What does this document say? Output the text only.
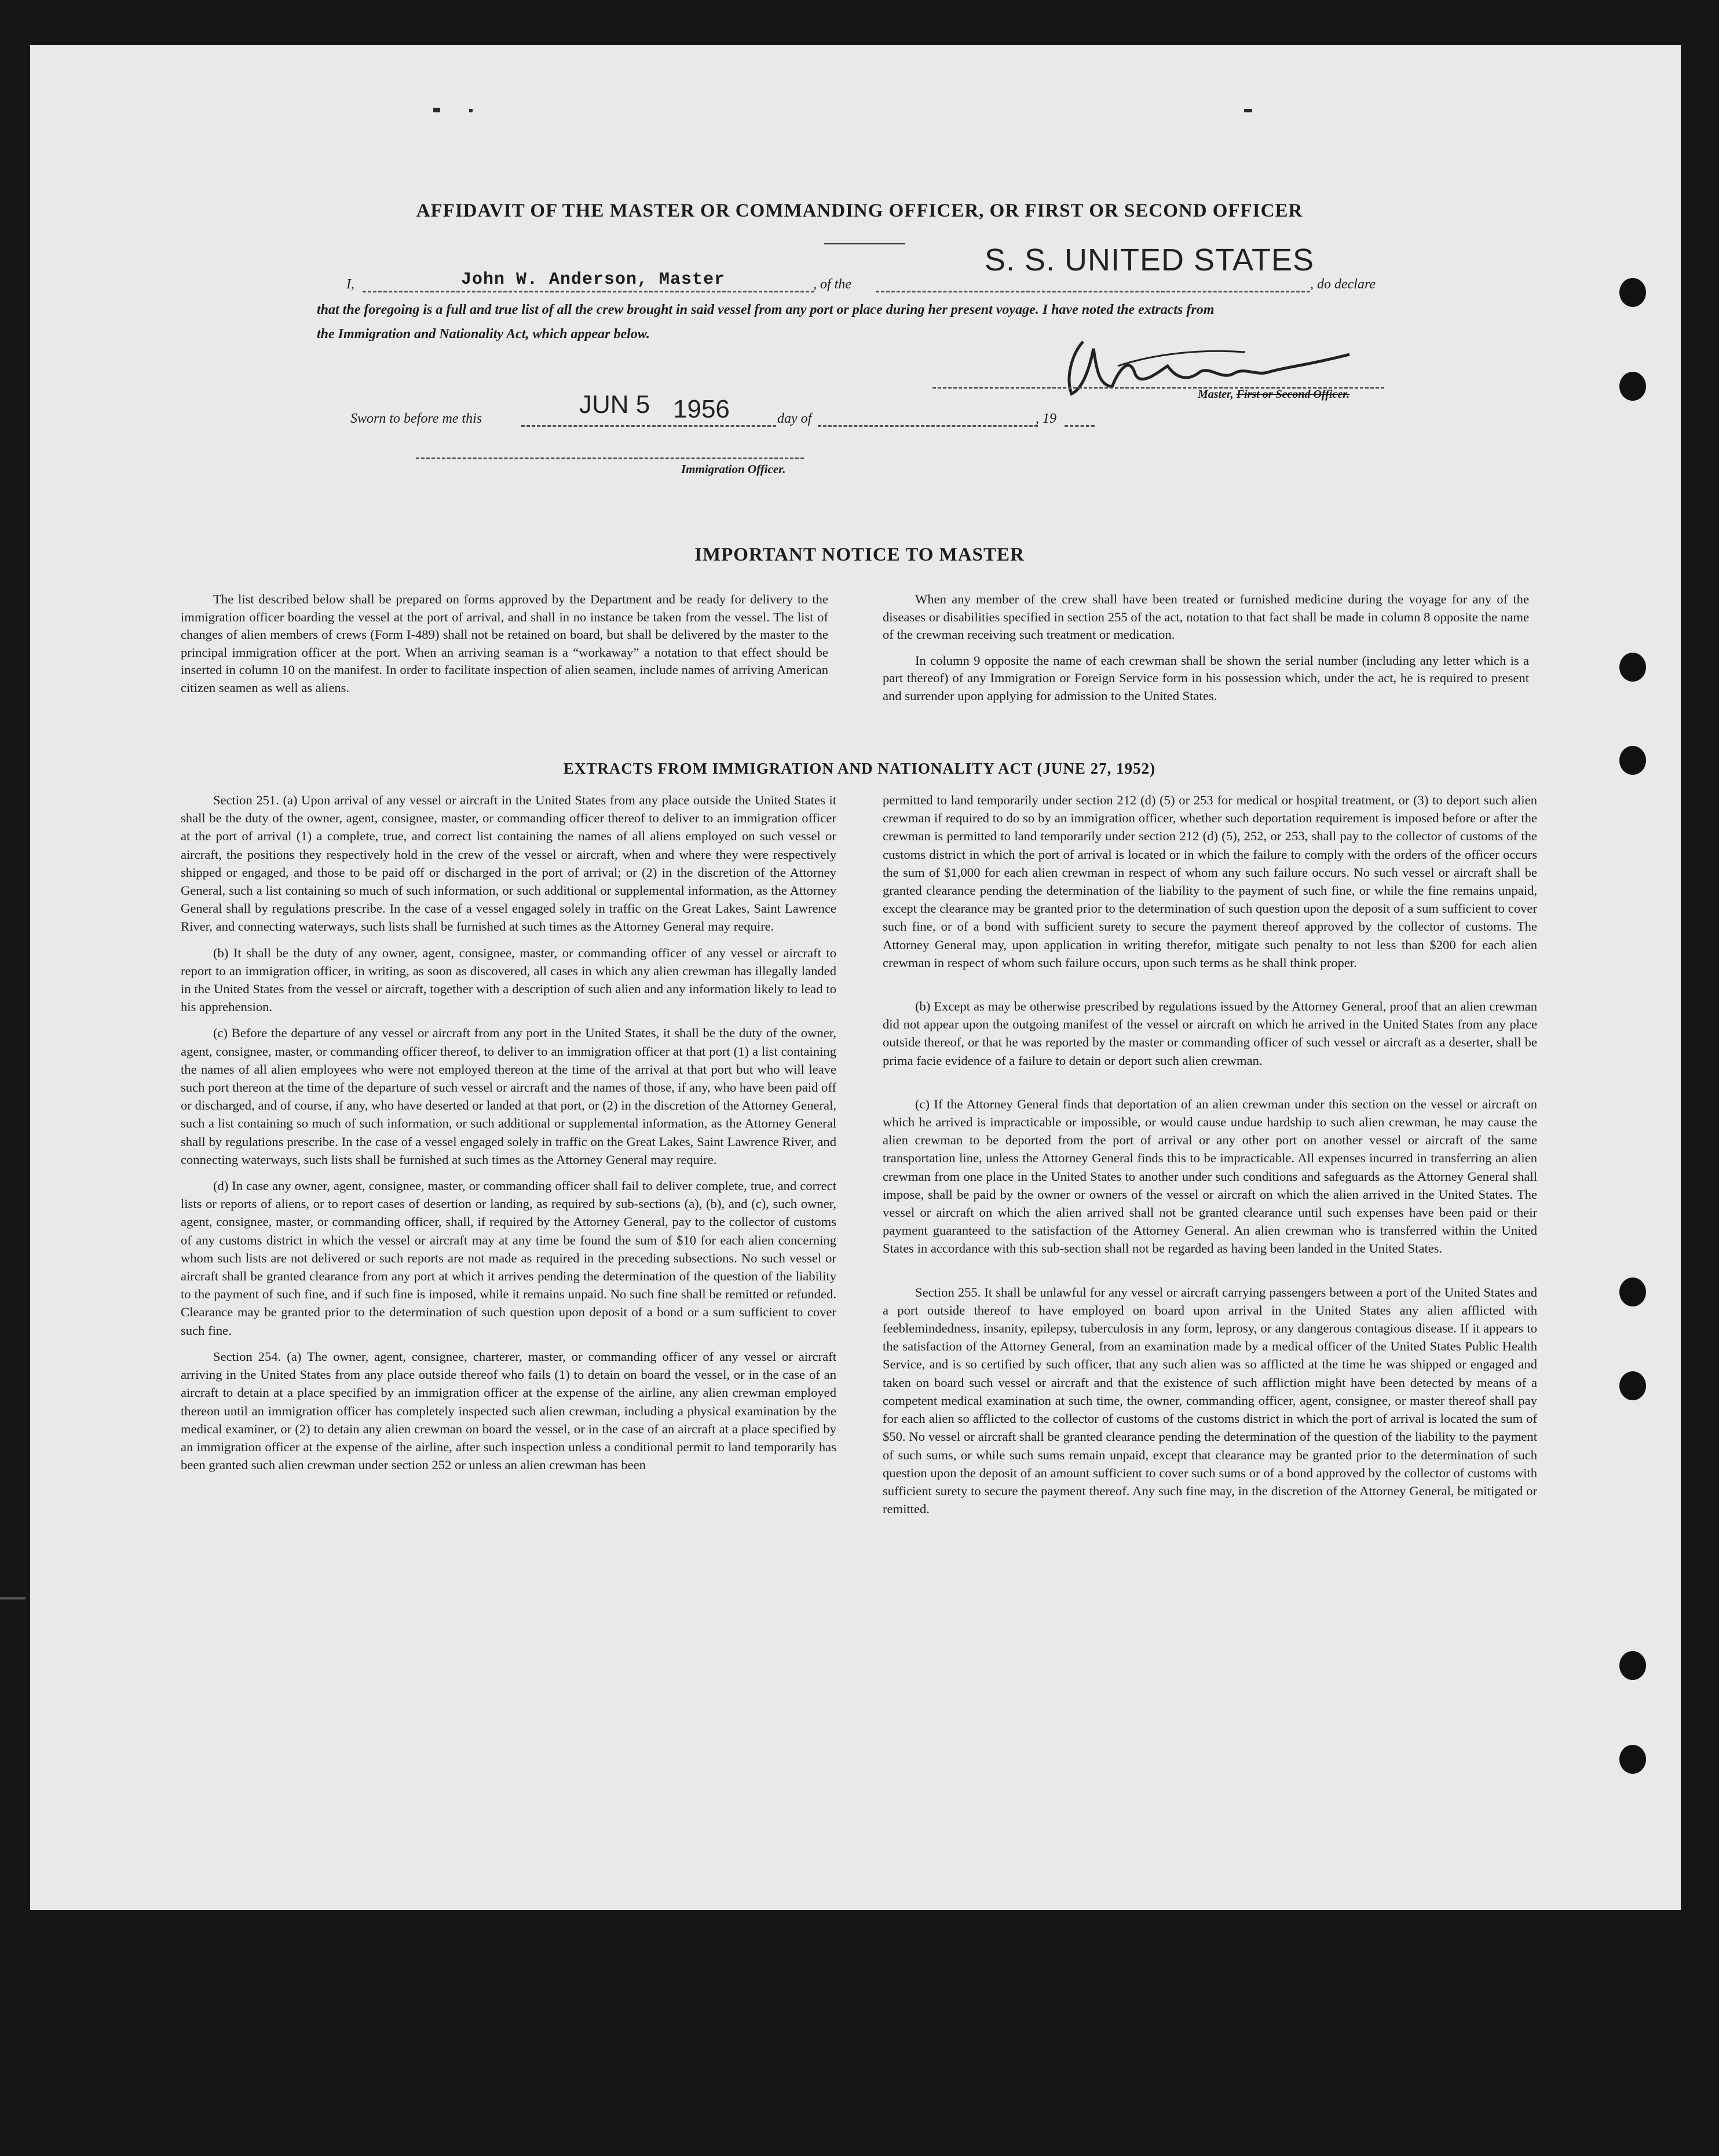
AFFIDAVIT OF THE MASTER OR COMMANDING OFFICER, OR FIRST OR SECOND OFFICER
I,	John W. Anderson, Master	, of the
S. S. UNITED STATES
, do declare
that the foregoing is a full and true list of all the crew brought in said vessel from any port or place during her present voyage. I have noted the extracts from
the Immigration and Nationality Act, which appear below.
Master, First or Second Officer.
Sworn to before me this	JUN 5 1956	day of	, 19
Immigration Officer.
IMPORTANT NOTICE TO MASTER

The list described below shall be prepared on forms approved by the Department and be ready for delivery to the immigration officer boarding the vessel at the port of arrival, and shall in no instance be taken from the vessel. The list of changes of alien members of crews (Form I-489) shall not be retained on board, but shall be delivered by the master to the principal immigration officer at the port. When an arriving seaman is a “workaway” a notation to that effect should be inserted in column 10 on the manifest. In order to facilitate inspection of alien seamen, include names of arriving American citizen seamen as well as aliens.

When any member of the crew shall have been treated or furnished medicine during the voyage for any of the diseases or disabilities specified in section 255 of the act, notation to that fact shall be made in column 8 opposite the name of the crewman receiving such treatment or medication.

In column 9 opposite the name of each crewman shall be shown the serial number (including any letter which is a part thereof) of any Immigration or Foreign Service form in his possession which, under the act, he is required to present and surrender upon applying for admission to the United States.

EXTRACTS FROM IMMIGRATION AND NATIONALITY ACT (JUNE 27, 1952)

Section 251. (a) Upon arrival of any vessel or aircraft in the United States from any place outside the United States it shall be the duty of the owner, agent, consignee, master, or commanding officer thereof to deliver to an immigration officer at the port of arrival (1) a complete, true, and correct list containing the names of all aliens employed on such vessel or aircraft, the positions they respectively hold in the crew of the vessel or aircraft, when and where they were respectively shipped or engaged, and those to be paid off or discharged in the port of arrival; or (2) in the discretion of the Attorney General, such a list containing so much of such information, or such additional or supplemental information, as the Attorney General shall by regulations prescribe. In the case of a vessel engaged solely in traffic on the Great Lakes, Saint Lawrence River, and connecting waterways, such lists shall be furnished at such times as the Attorney General may require.

(b) It shall be the duty of any owner, agent, consignee, master, or commanding officer of any vessel or aircraft to report to an immigration officer, in writing, as soon as discovered, all cases in which any alien crewman has illegally landed in the United States from the vessel or aircraft, together with a description of such alien and any information likely to lead to his apprehension.

(c) Before the departure of any vessel or aircraft from any port in the United States, it shall be the duty of the owner, agent, consignee, master, or commanding officer thereof, to deliver to an immigration officer at that port (1) a list containing the names of all alien employees who were not employed thereon at the time of the arrival at that port but who will leave such port thereon at the time of the departure of such vessel or aircraft and the names of those, if any, who have been paid off or discharged, and of course, if any, who have deserted or landed at that port, or (2) in the discretion of the Attorney General, such a list containing so much of such information, or such additional or supplemental information, as the Attorney General shall by regulations prescribe. In the case of a vessel engaged solely in traffic on the Great Lakes, Saint Lawrence River, and connecting waterways, such lists shall be furnished at such times as the Attorney General may require.

(d) In case any owner, agent, consignee, master, or commanding officer shall fail to deliver complete, true, and correct lists or reports of aliens, or to report cases of desertion or landing, as required by sub-sections (a), (b), and (c), such owner, agent, consignee, master, or commanding officer, shall, if required by the Attorney General, pay to the collector of customs of any customs district in which the vessel or aircraft may at any time be found the sum of $10 for each alien concerning whom such lists are not delivered or such reports are not made as required in the preceding subsections. No such vessel or aircraft shall be granted clearance from any port at which it arrives pending the determination of the question of the liability to the payment of such fine, and if such fine is imposed, while it remains unpaid. No such fine shall be remitted or refunded. Clearance may be granted prior to the determination of such question upon deposit of a bond or a sum sufficient to cover such fine.

Section 254. (a) The owner, agent, consignee, charterer, master, or commanding officer of any vessel or aircraft arriving in the United States from any place outside thereof who fails (1) to detain on board the vessel, or in the case of an aircraft to detain at a place specified by an immigration officer at the expense of the airline, any alien crewman employed thereon until an immigration officer has completely inspected such alien crewman, including a physical examination by the medical examiner, or (2) to detain any alien crewman on board the vessel, or in the case of an aircraft at a place specified by an immigration officer at the expense of the airline, after such inspection unless a conditional permit to land temporarily has been granted such alien crewman under section 252 or unless an alien crewman has been

permitted to land temporarily under section 212 (d) (5) or 253 for medical or hospital treatment, or (3) to deport such alien crewman if required to do so by an immigration officer, whether such deportation requirement is imposed before or after the crewman is permitted to land temporarily under section 212 (d) (5), 252, or 253, shall pay to the collector of customs of the customs district in which the port of arrival is located or in which the failure to comply with the orders of the officer occurs the sum of $1,000 for each alien crewman in respect of whom any such failure occurs. No such vessel or aircraft shall be granted clearance pending the determination of the liability to the payment of such fine, or while the fine remains unpaid, except the clearance may be granted prior to the determination of such question upon the deposit of a sum sufficient to cover such fine, or of a bond with sufficient surety to secure the payment thereof approved by the collector of customs. The Attorney General may, upon application in writing therefor, mitigate such penalty to not less than $200 for each alien crewman in respect of whom such failure occurs, upon such terms as he shall think proper.

(b) Except as may be otherwise prescribed by regulations issued by the Attorney General, proof that an alien crewman did not appear upon the outgoing manifest of the vessel or aircraft on which he arrived in the United States from any place outside thereof, or that he was reported by the master or commanding officer of such vessel or aircraft as a deserter, shall be prima facie evidence of a failure to detain or deport such alien crewman.

(c) If the Attorney General finds that deportation of an alien crewman under this section on the vessel or aircraft on which he arrived is impracticable or impossible, or would cause undue hardship to such alien crewman, he may cause the alien crewman to be deported from the port of arrival or any other port on another vessel or aircraft of the same transportation line, unless the Attorney General finds this to be impracticable. All expenses incurred in transferring an alien crewman from one place in the United States to another under such conditions and safeguards as the Attorney General shall impose, shall be paid by the owner or owners of the vessel or aircraft on which the alien arrived in the United States. The vessel or aircraft on which the alien arrived shall not be granted clearance until such expenses have been paid or their payment guaranteed to the satisfaction of the Attorney General. An alien crewman who is transferred within the United States in accordance with this sub-section shall not be regarded as having been landed in the United States.

Section 255. It shall be unlawful for any vessel or aircraft carrying passengers between a port of the United States and a port outside thereof to have employed on board upon arrival in the United States any alien afflicted with feeblemindedness, insanity, epilepsy, tuberculosis in any form, leprosy, or any dangerous contagious disease. If it appears to the satisfaction of the Attorney General, from an examination made by a medical officer of the United States Public Health Service, and is so certified by such officer, that any such alien was so afflicted at the time he was shipped or engaged and taken on board such vessel or aircraft and that the existence of such affliction might have been detected by means of a competent medical examination at such time, the owner, commanding officer, agent, consignee, or master thereof shall pay for each alien so afflicted to the collector of customs of the customs district in which the port of arrival is located the sum of $50. No vessel or aircraft shall be granted clearance pending the determination of the question of the liability to the payment of such sums, or while such sums remain unpaid, except that clearance may be granted prior to the determination of such question upon the deposit of an amount sufficient to cover such sums or of a bond approved by the collector of customs with sufficient surety to secure the payment thereof. Any such fine may, in the discretion of the Attorney General, be mitigated or remitted.
